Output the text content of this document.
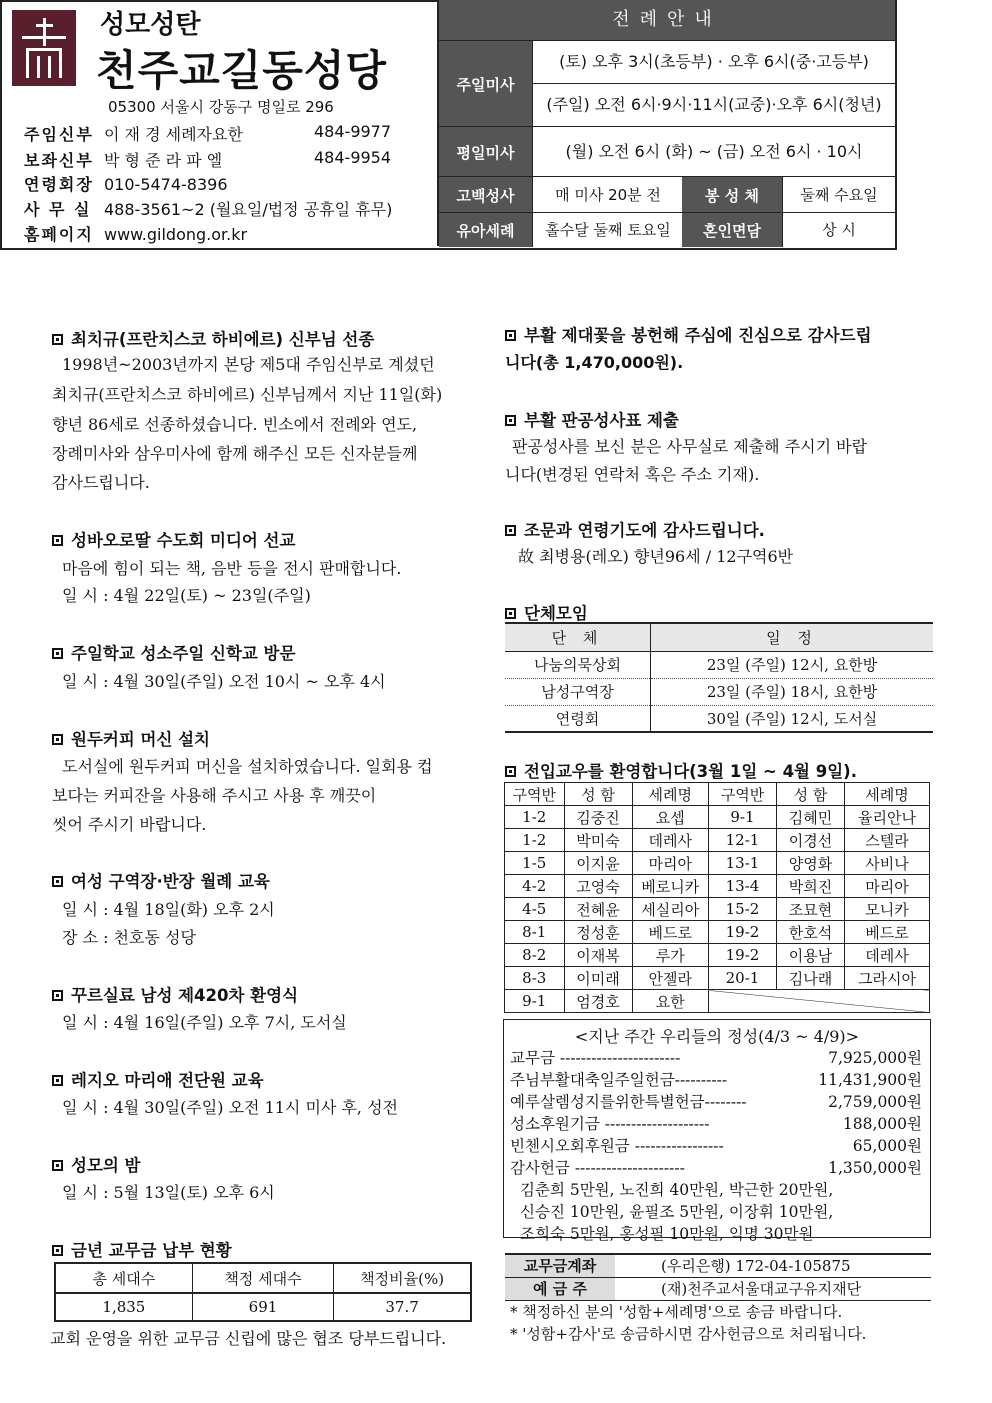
성모성탄
천주교길동성당
05300 서울시 강동구 명일로 296
주임신부 이 재 경 세례자요한	484-9977
보좌신부 박 형 준 라 파 엘	484-9954
연령회장 010-5474-8396
사 무 실 488-3561~2 (월요일/법정 공휴일 휴무)
홈페이지 www.gildong.or.kr
전례안내
주일미사
(토) 오후 3시(초등부) · 오후 6시(중·고등부)
(주일) 오전 6시·9시·11시(교중)·오후 6시(청년)
평일미사	(월) 오전 6시 (화) ~ (금) 오전 6시 · 10시
고백성사	매 미사 20분 전	봉 성 체	둘째 수요일
유아세례	홀수달 둘째 토요일	혼인면담	상 시
최치규(프란치스코 하비에르) 신부님 선종
1998년~2003년까지 본당 제5대 주임신부로 계셨던
최치규(프란치스코 하비에르) 신부님께서 지난 11일(화)
향년 86세로 선종하셨습니다. 빈소에서 전례와 연도,
장례미사와 삼우미사에 함께 해주신 모든 신자분들께
감사드립니다.
성바오로딸 수도회 미디어 선교
마음에 힘이 되는 책, 음반 등을 전시 판매합니다.
일 시 : 4월 22일(토) ~ 23일(주일)
주일학교 성소주일 신학교 방문
일 시 : 4월 30일(주일) 오전 10시 ~ 오후 4시
원두커피 머신 설치
도서실에 원두커피 머신을 설치하였습니다. 일회용 컵
보다는 커피잔을 사용해 주시고 사용 후 깨끗이
씻어 주시기 바랍니다.
여성 구역장·반장 월례 교육
일 시 : 4월 18일(화) 오후 2시
장 소 : 천호동 성당
꾸르실료 남성 제420차 환영식
일 시 : 4월 16일(주일) 오후 7시, 도서실
레지오 마리애 전단원 교육
일 시 : 4월 30일(주일) 오전 11시 미사 후, 성전
성모의 밤
일 시 : 5월 13일(토) 오후 6시
금년 교무금 납부 현황
총 세대수	책정 세대수	책정비율(%)
1,835	691	37.7
교회 운영을 위한 교무금 신립에 많은 협조 당부드립니다.
부활 제대꽃을 봉헌해 주심에 진심으로 감사드립
니다(총 1,470,000원).
부활 판공성사표 제출
판공성사를 보신 분은 사무실로 제출해 주시기 바랍
니다(변경된 연락처 혹은 주소 기재).
조문과 연령기도에 감사드립니다.
故 최병용(레오) 향년96세 / 12구역6반
단체모임
단 체	일 정
나눔의묵상회	23일 (주일) 12시, 요한방
남성구역장	23일 (주일) 18시, 요한방
연령회	30일 (주일) 12시, 도서실
전입교우를 환영합니다(3월 1일 ~ 4월 9일).
구역반	성 함	세례명	구역반	성 함	세례명
1-2	김중진	요셉	9-1	김혜민	율리안나
1-2	박미숙	데레사	12-1	이경선	스텔라
1-5	이지윤	마리아	13-1	양영화	사비나
4-2	고영숙	베로니카	13-4	박희진	마리아
4-5	전혜윤	세실리아	15-2	조묘현	모니카
8-1	정성훈	베드로	19-2	한호석	베드로
8-2	이재복	루가	19-2	이용남	데레사
8-3	이미래	안젤라	20-1	김나래	그라시아
9-1	엄경호	요한			
<지난 주간 우리들의 정성(4/3 ~ 4/9)>
교무금 -----------------------	7,925,000원
주님부활대축일주일헌금----------	11,431,900원
예루살렘성지를위한특별헌금--------	2,759,000원
성소후원기금 --------------------	188,000원
빈첸시오회후원금 -----------------	65,000원
감사헌금 ---------------------	1,350,000원
김춘희 5만원, 노진희 40만원, 박근한 20만원,
신승진 10만원, 윤필조 5만원, 이장휘 10만원,
조희숙 5만원, 홍성필 10만원, 익명 30만원
교무금계좌	(우리은행) 172-04-105875
예 금 주	(재)천주교서울대교구유지재단
* 책정하신 분의 '성함+세례명'으로 송금 바랍니다.
* '성함+감사'로 송금하시면 감사헌금으로 처리됩니다.
